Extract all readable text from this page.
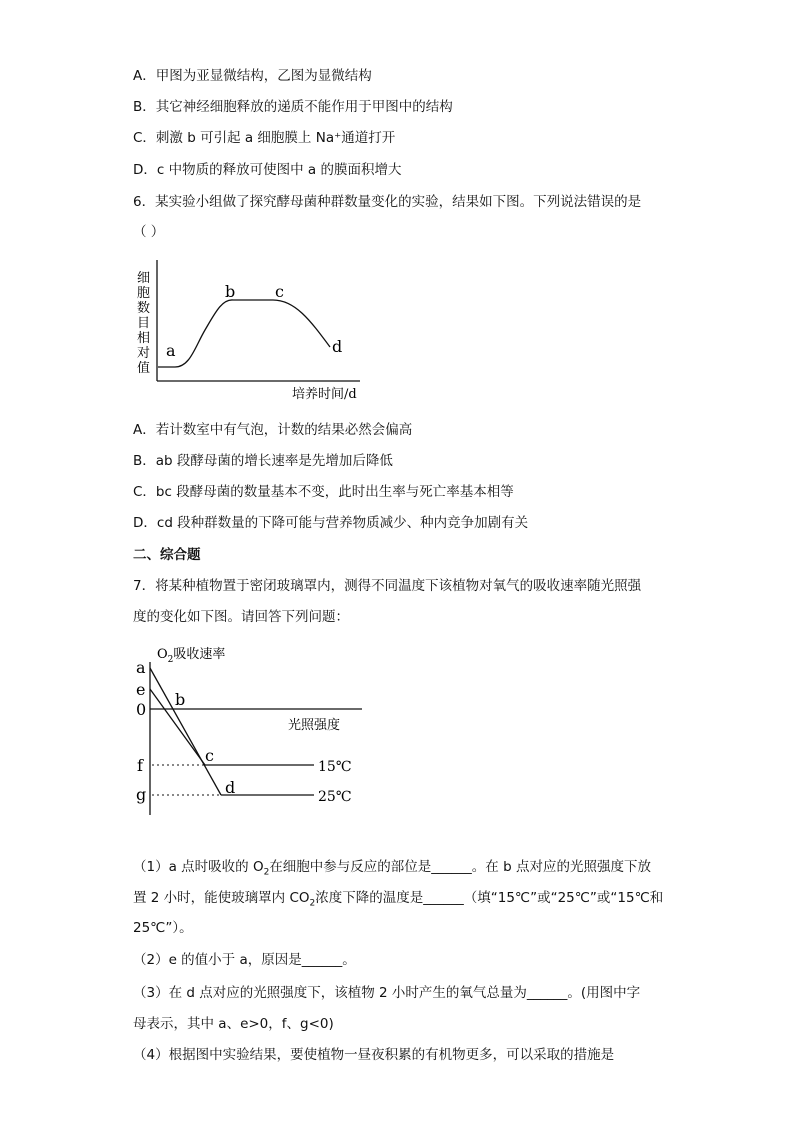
A．甲图为亚显微结构，乙图为显微结构
B．其它神经细胞释放的递质不能作用于甲图中的结构
C．刺激 b 可引起 a 细胞膜上 Na⁺通道打开
D．c 中物质的释放可使图中 a 的膜面积增大
6．某实验小组做了探究酵母菌种群数量变化的实验，结果如下图。下列说法错误的是
（ ）
细
胞
数
目
相
对
值
a
b c
d
培养时间/d
A．若计数室中有气泡，计数的结果必然会偏高
B．ab 段酵母菌的增长速率是先增加后降低
C．bc 段酵母菌的数量基本不变，此时出生率与死亡率基本相等
D．cd 段种群数量的下降可能与营养物质减少、种内竞争加剧有关
二、综合题
7．将某种植物置于密闭玻璃罩内，测得不同温度下该植物对氧气的吸收速率随光照强
度的变化如下图。请回答下列问题：
$O_2$吸收速率
a
e
0
f
g
b
c
d
光照强度
15℃
25℃
（1）a 点时吸收的 $O_2$在细胞中参与反应的部位是______。在 b 点对应的光照强度下放
置 2 小时，能使玻璃罩内 $CO_2$浓度下降的温度是______（填“15℃”或“25℃”或“15℃和
25℃”）。
（2）e 的值小于 a，原因是______。
（3）在 d 点对应的光照强度下，该植物 2 小时产生的氧气总量为______。(用图中字
母表示，其中 a、e>0，f、g<0)
（4）根据图中实验结果，要使植物一昼夜积累的有机物更多，可以采取的措施是
